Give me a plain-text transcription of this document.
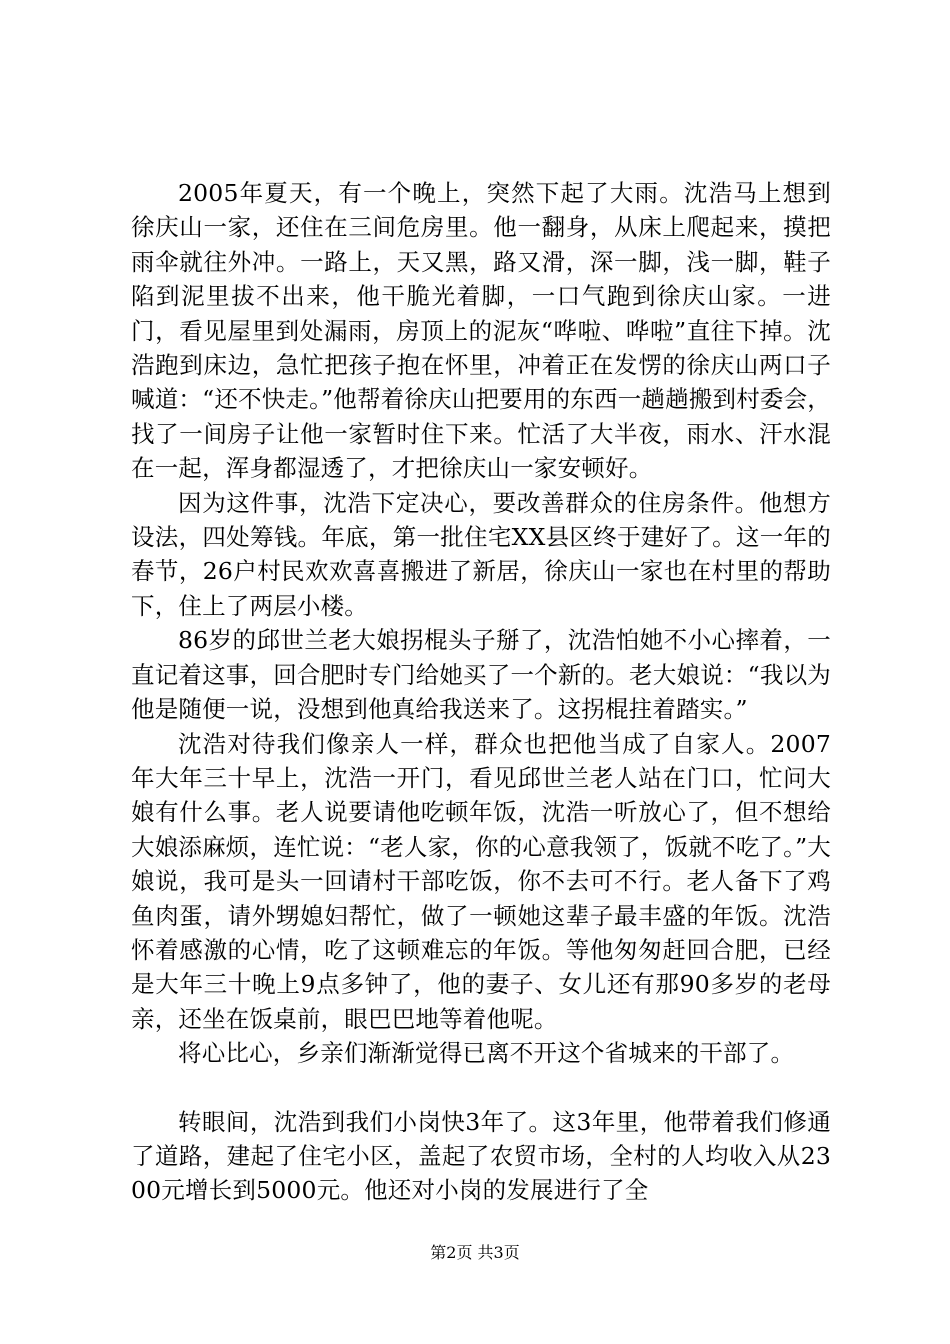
2005年夏天，有一个晚上，突然下起了大雨。沈浩马上想到徐庆山一家，还住在三间危房里。他一翻身，从床上爬起来，摸把雨伞就往外冲。一路上，天又黑，路又滑，深一脚，浅一脚，鞋子陷到泥里拔不出来，他干脆光着脚，一口气跑到徐庆山家。一进门，看见屋里到处漏雨，房顶上的泥灰“哗啦、哗啦”直往下掉。沈浩跑到床边，急忙把孩子抱在怀里，冲着正在发愣的徐庆山两口子喊道：“还不快走。”他帮着徐庆山把要用的东西一趟趟搬到村委会，找了一间房子让他一家暂时住下来。忙活了大半夜，雨水、汗水混在一起，浑身都湿透了，才把徐庆山一家安顿好。

因为这件事，沈浩下定决心，要改善群众的住房条件。他想方设法，四处筹钱。年底，第一批住宅XX县区终于建好了。这一年的春节，26户村民欢欢喜喜搬进了新居，徐庆山一家也在村里的帮助下，住上了两层小楼。

86岁的邱世兰老大娘拐棍头子掰了，沈浩怕她不小心摔着，一直记着这事，回合肥时专门给她买了一个新的。老大娘说：“我以为他是随便一说，没想到他真给我送来了。这拐棍拄着踏实。”

沈浩对待我们像亲人一样，群众也把他当成了自家人。2007年大年三十早上，沈浩一开门，看见邱世兰老人站在门口，忙问大娘有什么事。老人说要请他吃顿年饭，沈浩一听放心了，但不想给大娘添麻烦，连忙说：“老人家，你的心意我领了，饭就不吃了。”大娘说，我可是头一回请村干部吃饭，你不去可不行。老人备下了鸡鱼肉蛋，请外甥媳妇帮忙，做了一顿她这辈子最丰盛的年饭。沈浩怀着感激的心情，吃了这顿难忘的年饭。等他匆匆赶回合肥，已经是大年三十晚上9点多钟了，他的妻子、女儿还有那90多岁的老母亲，还坐在饭桌前，眼巴巴地等着他呢。

将心比心，乡亲们渐渐觉得已离不开这个省城来的干部了。

转眼间，沈浩到我们小岗快3年了。这3年里，他带着我们修通了道路，建起了住宅小区，盖起了农贸市场，全村的人均收入从2300元增长到5000元。他还对小岗的发展进行了全

第2页 共3页
